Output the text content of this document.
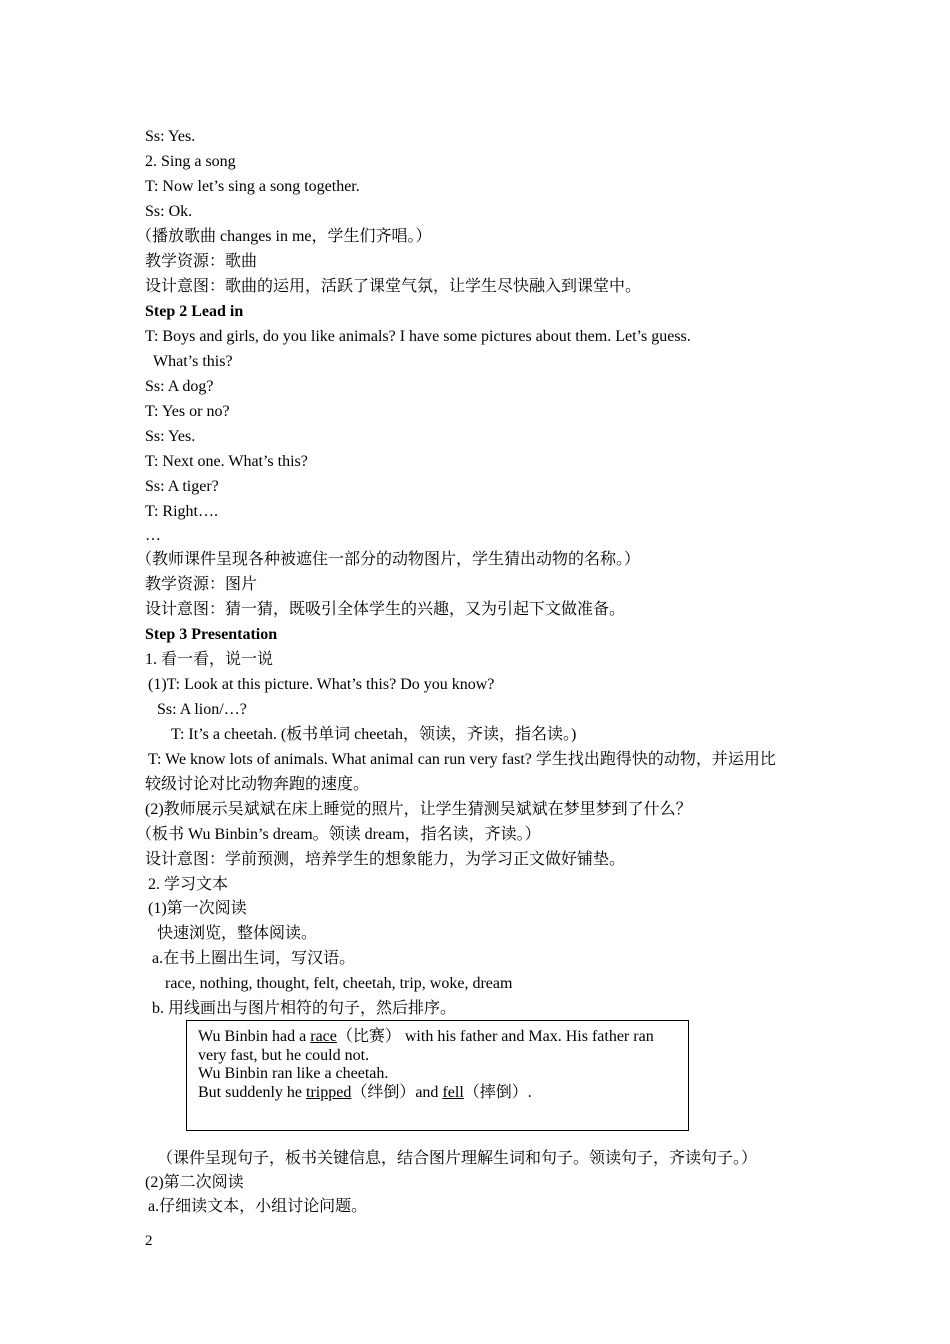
Ss: Yes.
2. Sing a song
T: Now let’s sing a song together.
Ss: Ok.
（播放歌曲 changes in me，学生们齐唱。）
教学资源：歌曲
设计意图：歌曲的运用，活跃了课堂气氛，让学生尽快融入到课堂中。
Step 2 Lead in
T: Boys and girls, do you like animals? I have some pictures about them. Let’s guess.
What’s this?
Ss: A dog?
T: Yes or no?
Ss: Yes.
T: Next one. What’s this?
Ss: A tiger?
T: Right….
…
（教师课件呈现各种被遮住一部分的动物图片，学生猜出动物的名称。）
教学资源：图片
设计意图：猜一猜，既吸引全体学生的兴趣，又为引起下文做准备。
Step 3 Presentation
1. 看一看，说一说
(1)T: Look at this picture. What’s this? Do you know?
Ss: A lion/…?
T: It’s a cheetah. (板书单词 cheetah，领读，齐读，指名读。)
T: We know lots of animals. What animal can run very fast? 学生找出跑得快的动物，并运用比
较级讨论对比动物奔跑的速度。
(2)教师展示吴斌斌在床上睡觉的照片，让学生猜测吴斌斌在梦里梦到了什么？
（板书 Wu Binbin’s dream。领读 dream，指名读，齐读。）
设计意图：学前预测，培养学生的想象能力，为学习正文做好铺垫。
2. 学习文本
(1)第一次阅读
快速浏览，整体阅读。
a.在书上圈出生词，写汉语。
race, nothing, thought, felt, cheetah, trip, woke, dream
b. 用线画出与图片相符的句子，然后排序。
Wu Binbin had a race（比赛） with his father and Max. His father ran
very fast, but he could not.
Wu Binbin ran like a cheetah.
But suddenly he tripped（绊倒）and fell（摔倒）.
（课件呈现句子，板书关键信息，结合图片理解生词和句子。领读句子，齐读句子。）
(2)第二次阅读
a.仔细读文本，小组讨论问题。
2
